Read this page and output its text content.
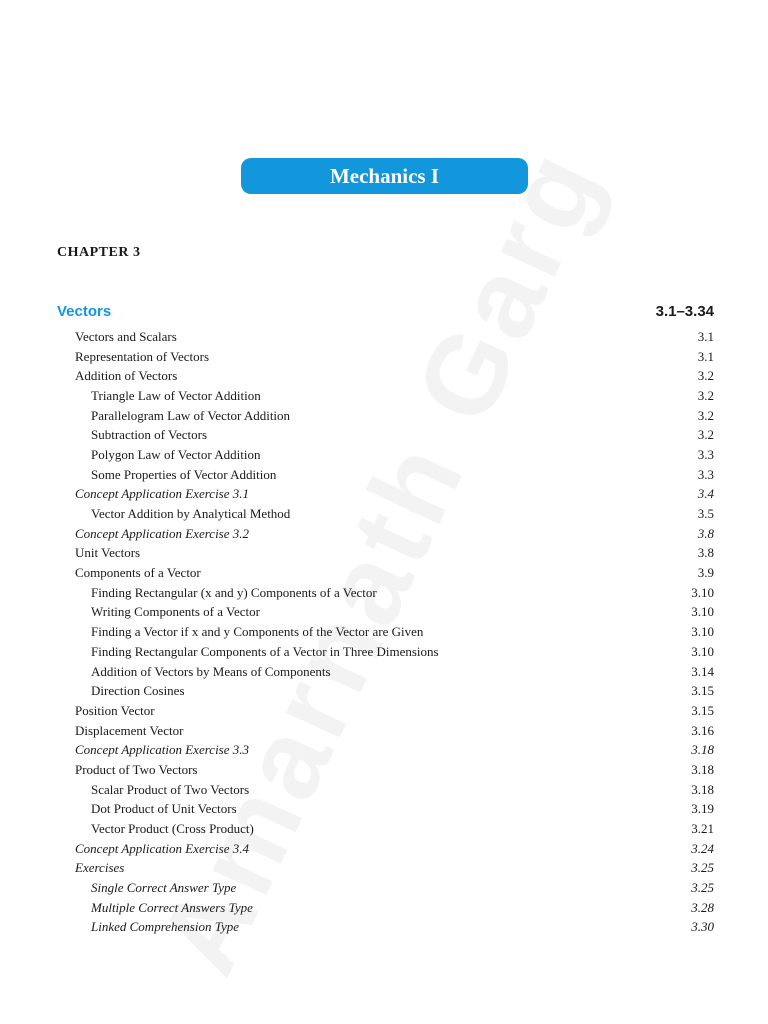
Mechanics I
CHAPTER 3
Vectors	3.1–3.34
Vectors and Scalars	3.1
Representation of Vectors	3.1
Addition of Vectors	3.2
Triangle Law of Vector Addition	3.2
Parallelogram Law of Vector Addition	3.2
Subtraction of Vectors	3.2
Polygon Law of Vector Addition	3.3
Some Properties of Vector Addition	3.3
Concept Application Exercise 3.1	3.4
Vector Addition by Analytical Method	3.5
Concept Application Exercise 3.2	3.8
Unit Vectors	3.8
Components of a Vector	3.9
Finding Rectangular (x and y) Components of a Vector	3.10
Writing Components of a Vector	3.10
Finding a Vector if x and y Components of the Vector are Given	3.10
Finding Rectangular Components of a Vector in Three Dimensions	3.10
Addition of Vectors by Means of Components	3.14
Direction Cosines	3.15
Position Vector	3.15
Displacement Vector	3.16
Concept Application Exercise 3.3	3.18
Product of Two Vectors	3.18
Scalar Product of Two Vectors	3.18
Dot Product of Unit Vectors	3.19
Vector Product (Cross Product)	3.21
Concept Application Exercise 3.4	3.24
Exercises	3.25
Single Correct Answer Type	3.25
Multiple Correct Answers Type	3.28
Linked Comprehension Type	3.30
